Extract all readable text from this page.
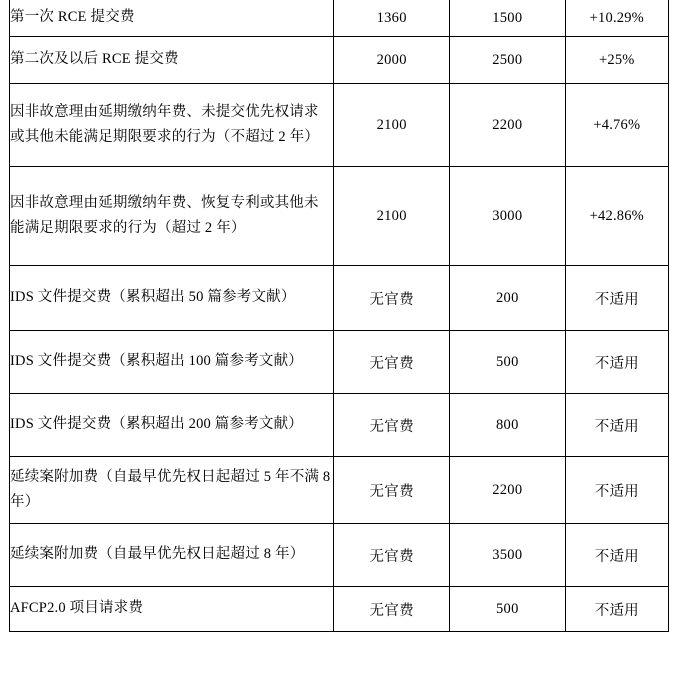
第一次 RCE 提交费	1360	1500	+10.29%
第二次及以后 RCE 提交费	2000	2500	+25%
因非故意理由延期缴纳年费、未提交优先权请求或其他未能满足期限要求的行为（不超过 2 年）	2100	2200	+4.76%
因非故意理由延期缴纳年费、恢复专利或其他未能满足期限要求的行为（超过 2 年）	2100	3000	+42.86%
IDS 文件提交费（累积超出 50 篇参考文献）	无官费	200	不适用
IDS 文件提交费（累积超出 100 篇参考文献）	无官费	500	不适用
IDS 文件提交费（累积超出 200 篇参考文献）	无官费	800	不适用
延续案附加费（自最早优先权日起超过 5 年不满 8 年）	无官费	2200	不适用
延续案附加费（自最早优先权日起超过 8 年）	无官费	3500	不适用
AFCP2.0 项目请求费	无官费	500	不适用
